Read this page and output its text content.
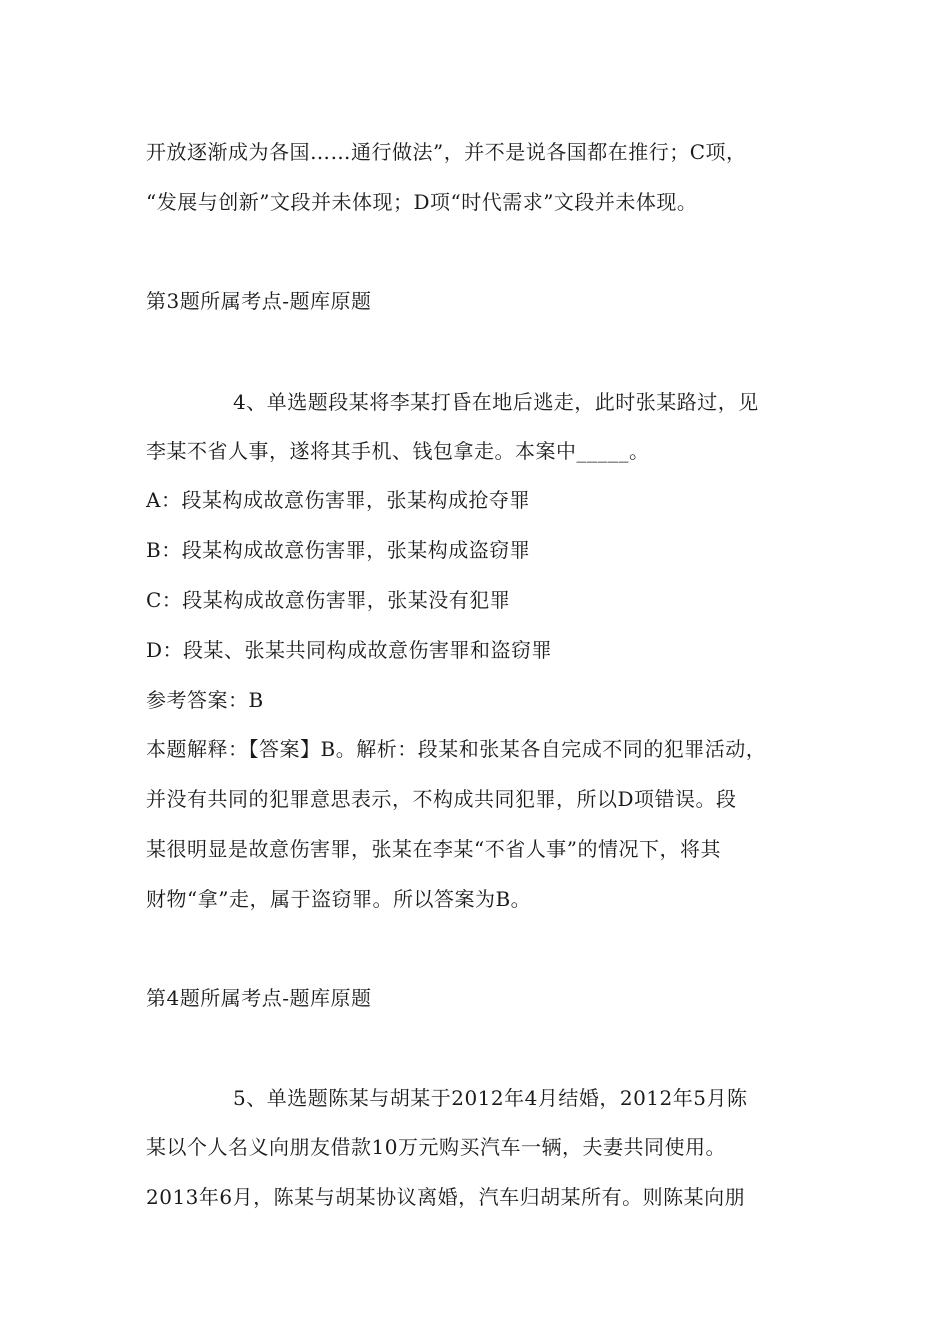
开放逐渐成为各国……通行做法”，并不是说各国都在推行；C项，
“发展与创新”文段并未体现；D项“时代需求”文段并未体现。
第3题所属考点-题库原题
4、单选题段某将李某打昏在地后逃走，此时张某路过，见
李某不省人事，遂将其手机、钱包拿走。本案中_____。
A：段某构成故意伤害罪，张某构成抢夺罪
B：段某构成故意伤害罪，张某构成盗窃罪
C：段某构成故意伤害罪，张某没有犯罪
D：段某、张某共同构成故意伤害罪和盗窃罪
参考答案：B
本题解释：【答案】B。解析：段某和张某各自完成不同的犯罪活动，
并没有共同的犯罪意思表示，不构成共同犯罪，所以D项错误。段
某很明显是故意伤害罪，张某在李某“不省人事”的情况下，将其
财物“拿”走，属于盗窃罪。所以答案为B。
第4题所属考点-题库原题
5、单选题陈某与胡某于2012年4月结婚，2012年5月陈
某以个人名义向朋友借款10万元购买汽车一辆，夫妻共同使用。
2013年6月，陈某与胡某协议离婚，汽车归胡某所有。则陈某向朋
